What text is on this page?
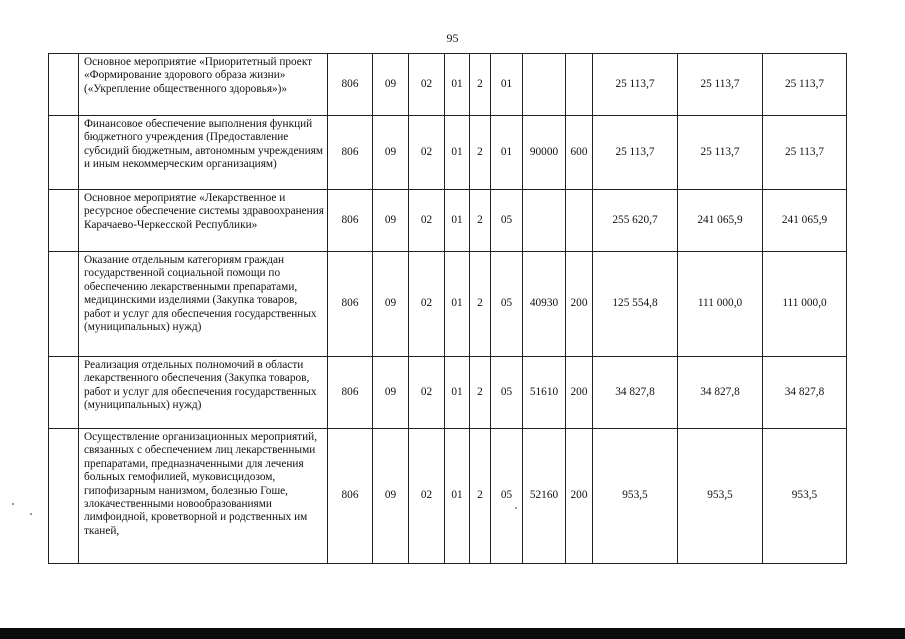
95

	Основное мероприятие «Приоритетный проект «Формирование здорового образа жизни» («Укрепление общественного здоровья»)»	806	09	02	01	2	01			25 113,7	25 113,7	25 113,7

	Финансовое обеспечение выполнения функций бюджетного учреждения (Предоставление субсидий бюджетным, автономным учреждениям и иным некоммерческим организациям)	806	09	02	01	2	01	90000	600	25 113,7	25 113,7	25 113,7

	Основное мероприятие «Лекарственное и ресурсное обеспечение системы здравоохранения Карачаево-Черкесской Республики»	806	09	02	01	2	05			255 620,7	241 065,9	241 065,9

	Оказание отдельным категориям граждан государственной социальной помощи по обеспечению лекарственными препаратами, медицинскими изделиями (Закупка товаров, работ и услуг для обеспечения государственных (муниципальных) нужд)	806	09	02	01	2	05	40930	200	125 554,8	111 000,0	111 000,0

	Реализация отдельных полномочий в области лекарственного обеспечения (Закупка товаров, работ и услуг для обеспечения государственных (муниципальных) нужд)	806	09	02	01	2	05	51610	200	34 827,8	34 827,8	34 827,8

	Осуществление организационных мероприятий, связанных с обеспечением лиц лекарственными препаратами, предназначенными для лечения больных гемофилией, муковисцидозом, гипофизарным нанизмом, болезнью Гоше, злокачественными новообразованиями лимфоидной, кроветворной и родственных им тканей,	806	09	02	01	2	05	52160	200	953,5	953,5	953,5
